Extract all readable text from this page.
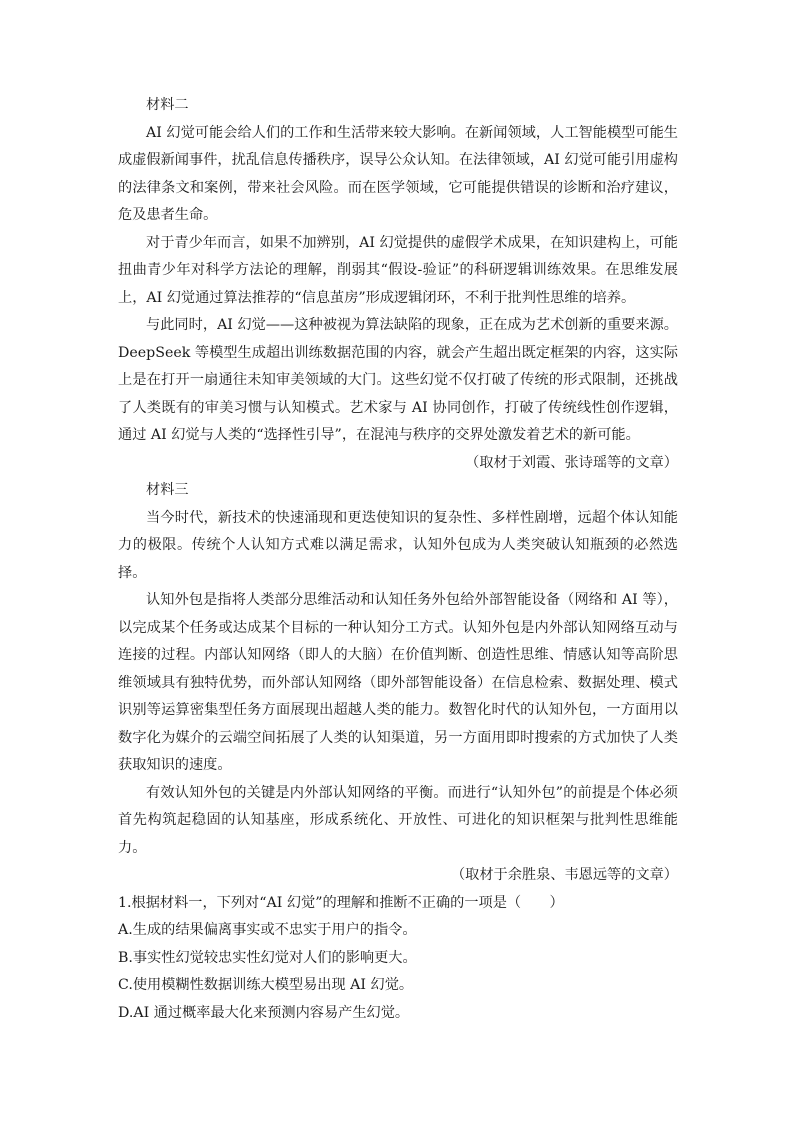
材料二

AI 幻觉可能会给人们的工作和生活带来较大影响。在新闻领域，人工智能模型可能生成虚假新闻事件，扰乱信息传播秩序，误导公众认知。在法律领域，AI 幻觉可能引用虚构的法律条文和案例，带来社会风险。而在医学领域，它可能提供错误的诊断和治疗建议，危及患者生命。

对于青少年而言，如果不加辨别，AI 幻觉提供的虚假学术成果，在知识建构上，可能扭曲青少年对科学方法论的理解，削弱其“假设-验证”的科研逻辑训练效果。在思维发展上，AI 幻觉通过算法推荐的“信息茧房”形成逻辑闭环，不利于批判性思维的培养。

与此同时，AI 幻觉——这种被视为算法缺陷的现象，正在成为艺术创新的重要来源。DeepSeek 等模型生成超出训练数据范围的内容，就会产生超出既定框架的内容，这实际上是在打开一扇通往未知审美领域的大门。这些幻觉不仅打破了传统的形式限制，还挑战了人类既有的审美习惯与认知模式。艺术家与 AI 协同创作，打破了传统线性创作逻辑，通过 AI 幻觉与人类的“选择性引导”，在混沌与秩序的交界处激发着艺术的新可能。

（取材于刘霞、张诗瑶等的文章）

材料三

当今时代，新技术的快速涌现和更迭使知识的复杂性、多样性剧增，远超个体认知能力的极限。传统个人认知方式难以满足需求，认知外包成为人类突破认知瓶颈的必然选择。

认知外包是指将人类部分思维活动和认知任务外包给外部智能设备（网络和 AI 等），以完成某个任务或达成某个目标的一种认知分工方式。认知外包是内外部认知网络互动与连接的过程。内部认知网络（即人的大脑）在价值判断、创造性思维、情感认知等高阶思维领域具有独特优势，而外部认知网络（即外部智能设备）在信息检索、数据处理、模式识别等运算密集型任务方面展现出超越人类的能力。数智化时代的认知外包，一方面用以数字化为媒介的云端空间拓展了人类的认知渠道，另一方面用即时搜索的方式加快了人类获取知识的速度。

有效认知外包的关键是内外部认知网络的平衡。而进行“认知外包”的前提是个体必须首先构筑起稳固的认知基座，形成系统化、开放性、可进化的知识框架与批判性思维能力。

（取材于余胜泉、韦恩远等的文章）

1.根据材料一，下列对“AI 幻觉”的理解和推断不正确的一项是（　　）

A.生成的结果偏离事实或不忠实于用户的指令。

B.事实性幻觉较忠实性幻觉对人们的影响更大。

C.使用模糊性数据训练大模型易出现 AI 幻觉。

D.AI 通过概率最大化来预测内容易产生幻觉。
